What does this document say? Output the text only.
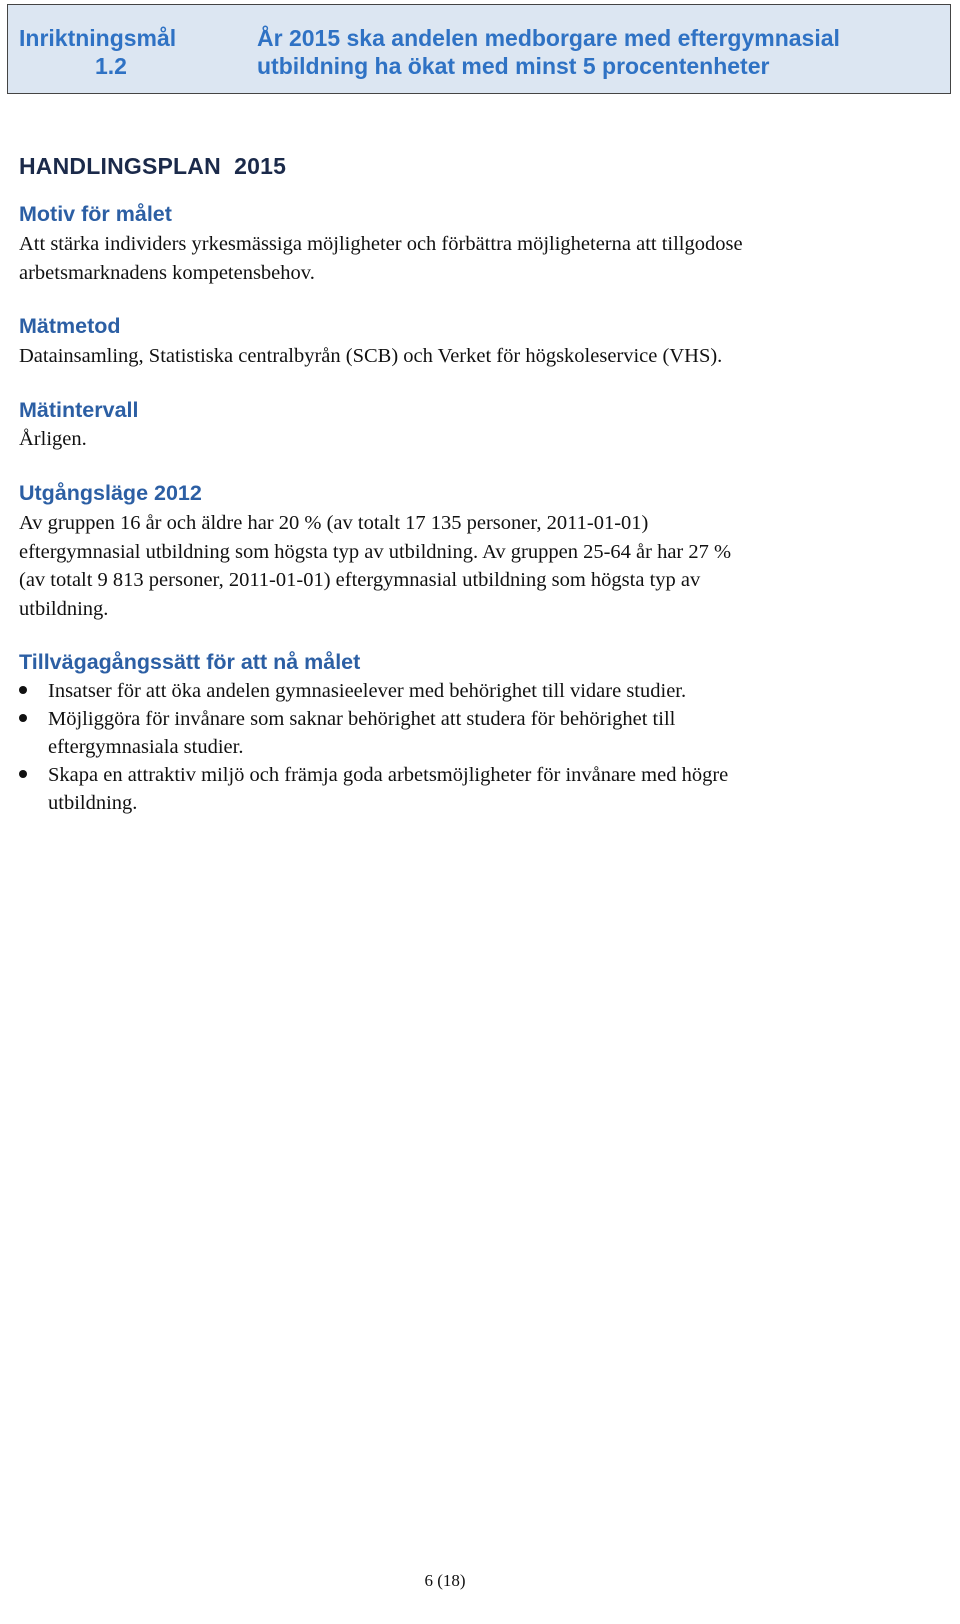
Inriktningsmål
1.2
År 2015 ska andelen medborgare med eftergymnasial
utbildning ha ökat med minst 5 procentenheter
HANDLINGSPLAN  2015
Motiv för målet
Att stärka individers yrkesmässiga möjligheter och förbättra möjligheterna att tillgodose
arbetsmarknadens kompetensbehov.
Mätmetod
Datainsamling, Statistiska centralbyrån (SCB) och Verket för högskoleservice (VHS).
Mätintervall
Årligen.
Utgångsläge 2012
Av gruppen 16 år och äldre har 20 % (av totalt 17 135 personer, 2011-01-01)
eftergymnasial utbildning som högsta typ av utbildning. Av gruppen 25-64 år har 27 %
(av totalt 9 813 personer, 2011-01-01) eftergymnasial utbildning som högsta typ av
utbildning.
Tillvägagångssätt för att nå målet
Insatser för att öka andelen gymnasieelever med behörighet till vidare studier.
Möjliggöra för invånare som saknar behörighet att studera för behörighet till
eftergymnasiala studier.
Skapa en attraktiv miljö och främja goda arbetsmöjligheter för invånare med högre
utbildning.
6 (18)
